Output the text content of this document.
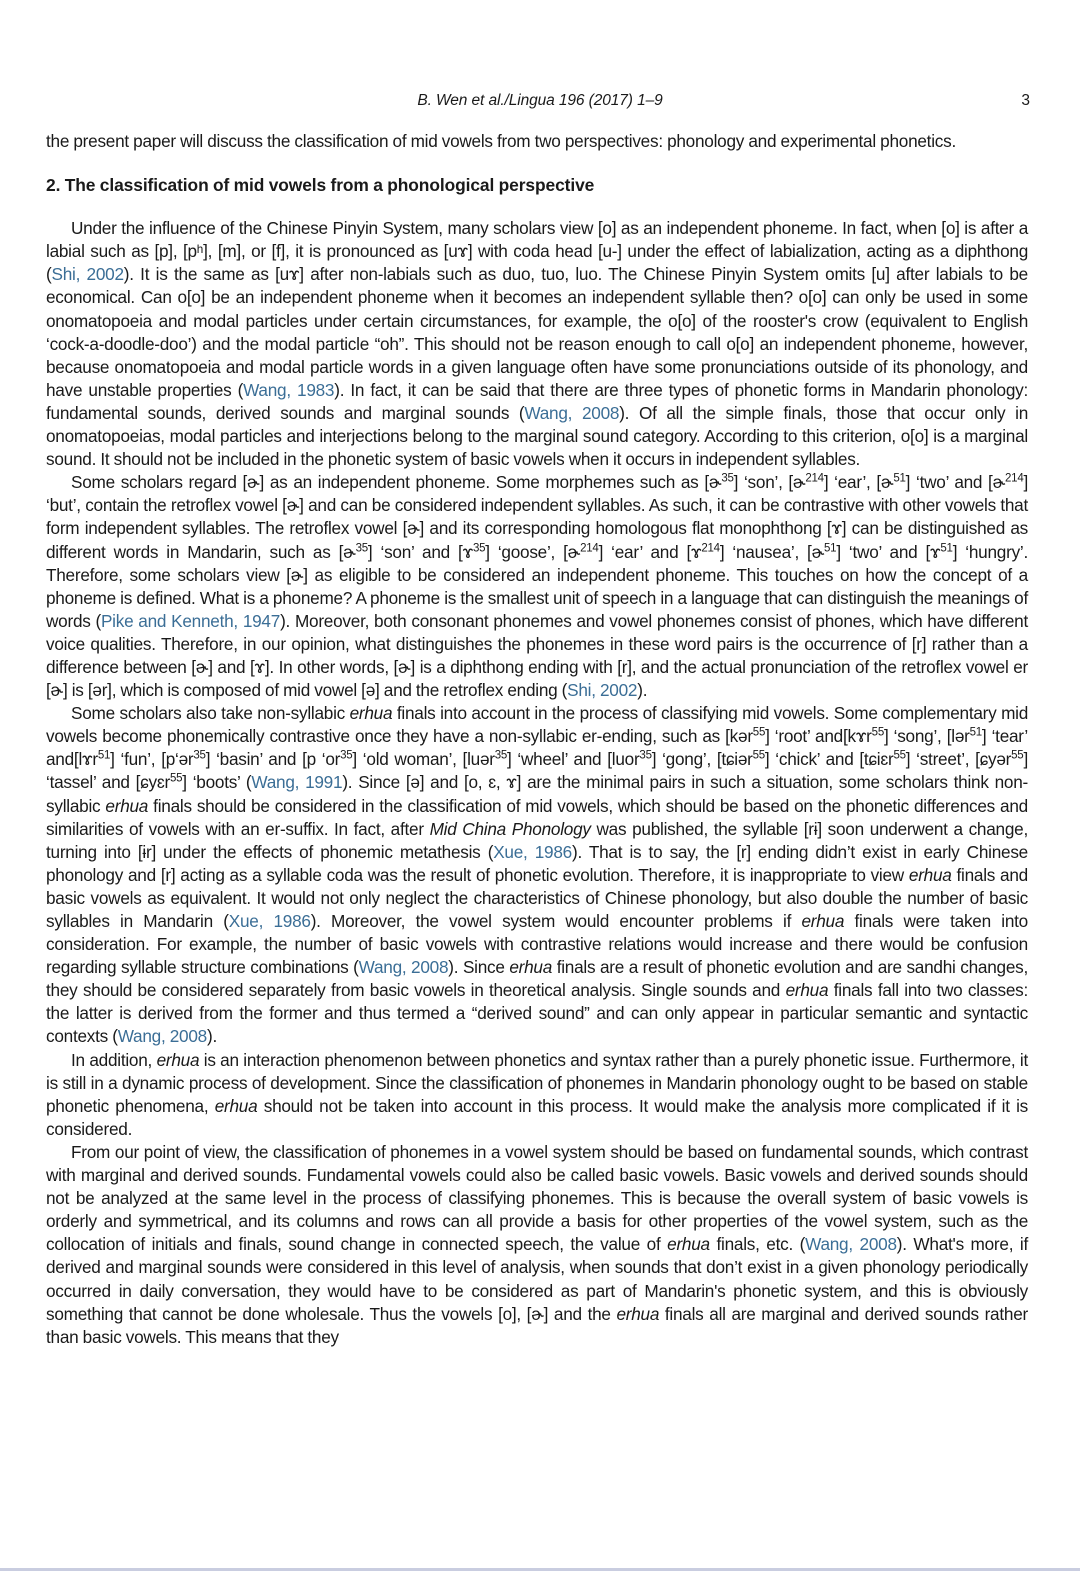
B. Wen et al./Lingua 196 (2017) 1–9	3

the present paper will discuss the classification of mid vowels from two perspectives: phonology and experimental phonetics.

2. The classification of mid vowels from a phonological perspective

Under the influence of the Chinese Pinyin System, many scholars view [o] as an independent phoneme. In fact, when [o] is after a labial such as [p], [pʰ], [m], or [f], it is pronounced as [uɤ] with coda head [u-] under the effect of labialization, acting as a diphthong (Shi, 2002). It is the same as [uɤ] after non-labials such as duo, tuo, luo. The Chinese Pinyin System omits [u] after labials to be economical. Can o[o] be an independent phoneme when it becomes an independent syllable then? o[o] can only be used in some onomatopoeia and modal particles under certain circumstances, for example, the o[o] of the rooster's crow (equivalent to English ‘cock-a-doodle-doo’) and the modal particle “oh”. This should not be reason enough to call o[o] an independent phoneme, however, because onomatopoeia and modal particle words in a given language often have some pronunciations outside of its phonology, and have unstable properties (Wang, 1983). In fact, it can be said that there are three types of phonetic forms in Mandarin phonology: fundamental sounds, derived sounds and marginal sounds (Wang, 2008). Of all the simple finals, those that occur only in onomatopoeias, modal particles and interjections belong to the marginal sound category. According to this criterion, o[o] is a marginal sound. It should not be included in the phonetic system of basic vowels when it occurs in independent syllables.

Some scholars regard [ɚ] as an independent phoneme. Some morphemes such as [ɚ$^{35}$] ‘son’, [ɚ$^{214}$] ‘ear’, [ɚ$^{51}$] ‘two’ and [ɚ$^{214}$] ‘but’, contain the retroflex vowel [ɚ] and can be considered independent syllables. As such, it can be contrastive with other vowels that form independent syllables. The retroflex vowel [ɚ] and its corresponding homologous flat monophthong [ɤ] can be distinguished as different words in Mandarin, such as [ɚ$^{35}$] ‘son’ and [ɤ$^{35}$] ‘goose’, [ɚ$^{214}$] ‘ear’ and [ɤ$^{214}$] ‘nausea’, [ɚ$^{51}$] ‘two’ and [ɤ$^{51}$] ‘hungry’. Therefore, some scholars view [ɚ] as eligible to be considered an independent phoneme. This touches on how the concept of a phoneme is defined. What is a phoneme? A phoneme is the smallest unit of speech in a language that can distinguish the meanings of words (Pike and Kenneth, 1947). Moreover, both consonant phonemes and vowel phonemes consist of phones, which have different voice qualities. Therefore, in our opinion, what distinguishes the phonemes in these word pairs is the occurrence of [r] rather than a difference between [ɚ] and [ɤ]. In other words, [ɚ] is a diphthong ending with [r], and the actual pronunciation of the retroflex vowel er [ɚ] is [ər], which is composed of mid vowel [ə] and the retroflex ending (Shi, 2002).

Some scholars also take non-syllabic erhua finals into account in the process of classifying mid vowels. Some complementary mid vowels become phonemically contrastive once they have a non-syllabic er-ending, such as [kər$^{55}$] ‘root’ and[kɤr$^{55}$] ‘song’, [lər$^{51}$] ‘tear’ and[lɤr$^{51}$] ‘fun’, [p‘ər$^{35}$] ‘basin’ and [p ‘$or^{35}$] ‘old woman’, [luər$^{35}$] ‘wheel’ and [luor$^{35}$] ‘gong’, [tɕiər$^{55}$] ‘chick’ and [tɕiɛr$^{55}$] ‘street’, [ɕyər$^{55}$] ‘tassel’ and [ɕyɛr$^{55}$] ‘boots’ (Wang, 1991). Since [ə] and [o, ɛ, ɤ] are the minimal pairs in such a situation, some scholars think non-syllabic erhua finals should be considered in the classification of mid vowels, which should be based on the phonetic differences and similarities of vowels with an er-suffix. In fact, after Mid China Phonology was published, the syllable [rɨ] soon underwent a change, turning into [ɨr] under the effects of phonemic metathesis (Xue, 1986). That is to say, the [r] ending didn’t exist in early Chinese phonology and [r] acting as a syllable coda was the result of phonetic evolution. Therefore, it is inappropriate to view erhua finals and basic vowels as equivalent. It would not only neglect the characteristics of Chinese phonology, but also double the number of basic syllables in Mandarin (Xue, 1986). Moreover, the vowel system would encounter problems if erhua finals were taken into consideration. For example, the number of basic vowels with contrastive relations would increase and there would be confusion regarding syllable structure combinations (Wang, 2008). Since erhua finals are a result of phonetic evolution and are sandhi changes, they should be considered separately from basic vowels in theoretical analysis. Single sounds and erhua finals fall into two classes: the latter is derived from the former and thus termed a “derived sound” and can only appear in particular semantic and syntactic contexts (Wang, 2008).

In addition, erhua is an interaction phenomenon between phonetics and syntax rather than a purely phonetic issue. Furthermore, it is still in a dynamic process of development. Since the classification of phonemes in Mandarin phonology ought to be based on stable phonetic phenomena, erhua should not be taken into account in this process. It would make the analysis more complicated if it is considered.

From our point of view, the classification of phonemes in a vowel system should be based on fundamental sounds, which contrast with marginal and derived sounds. Fundamental vowels could also be called basic vowels. Basic vowels and derived sounds should not be analyzed at the same level in the process of classifying phonemes. This is because the overall system of basic vowels is orderly and symmetrical, and its columns and rows can all provide a basis for other properties of the vowel system, such as the collocation of initials and finals, sound change in connected speech, the value of erhua finals, etc. (Wang, 2008). What's more, if derived and marginal sounds were considered in this level of analysis, when sounds that don’t exist in a given phonology periodically occurred in daily conversation, they would have to be considered as part of Mandarin's phonetic system, and this is obviously something that cannot be done wholesale. Thus the vowels [o], [ɚ] and the erhua finals all are marginal and derived sounds rather than basic vowels. This means that they
